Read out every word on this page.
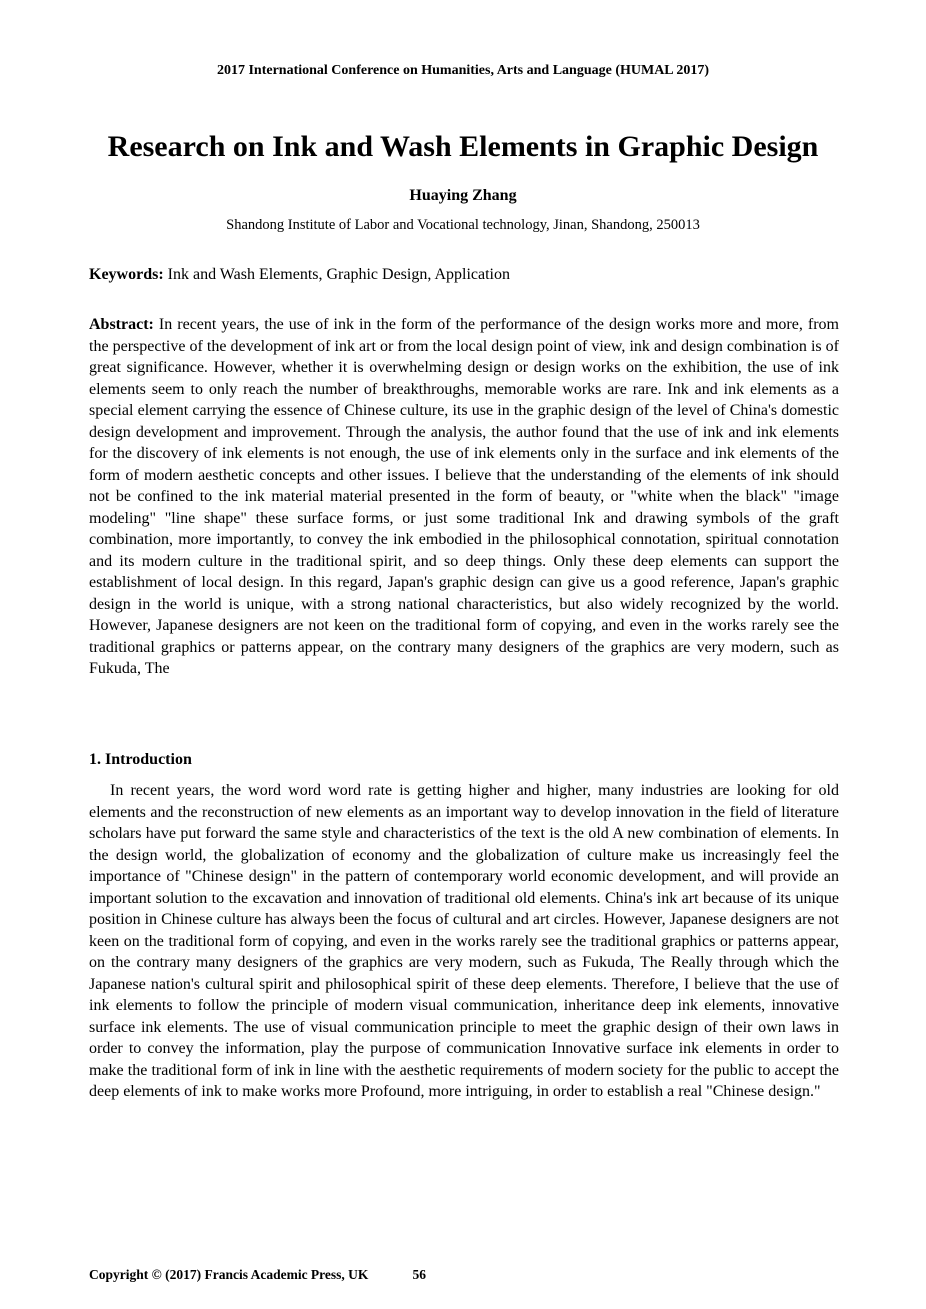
2017 International Conference on Humanities, Arts and Language (HUMAL 2017)
Research on Ink and Wash Elements in Graphic Design
Huaying Zhang
Shandong Institute of Labor and Vocational technology, Jinan, Shandong, 250013
Keywords: Ink and Wash Elements, Graphic Design, Application
Abstract: In recent years, the use of ink in the form of the performance of the design works more and more, from the perspective of the development of ink art or from the local design point of view, ink and design combination is of great significance. However, whether it is overwhelming design or design works on the exhibition, the use of ink elements seem to only reach the number of breakthroughs, memorable works are rare. Ink and ink elements as a special element carrying the essence of Chinese culture, its use in the graphic design of the level of China's domestic design development and improvement. Through the analysis, the author found that the use of ink and ink elements for the discovery of ink elements is not enough, the use of ink elements only in the surface and ink elements of the form of modern aesthetic concepts and other issues. I believe that the understanding of the elements of ink should not be confined to the ink material material presented in the form of beauty, or "white when the black" "image modeling" "line shape" these surface forms, or just some traditional Ink and drawing symbols of the graft combination, more importantly, to convey the ink embodied in the philosophical connotation, spiritual connotation and its modern culture in the traditional spirit, and so deep things. Only these deep elements can support the establishment of local design. In this regard, Japan's graphic design can give us a good reference, Japan's graphic design in the world is unique, with a strong national characteristics, but also widely recognized by the world. However, Japanese designers are not keen on the traditional form of copying, and even in the works rarely see the traditional graphics or patterns appear, on the contrary many designers of the graphics are very modern, such as Fukuda, The
1. Introduction
In recent years, the word word word rate is getting higher and higher, many industries are looking for old elements and the reconstruction of new elements as an important way to develop innovation in the field of literature scholars have put forward the same style and characteristics of the text is the old A new combination of elements. In the design world, the globalization of economy and the globalization of culture make us increasingly feel the importance of "Chinese design" in the pattern of contemporary world economic development, and will provide an important solution to the excavation and innovation of traditional old elements. China's ink art because of its unique position in Chinese culture has always been the focus of cultural and art circles. However, Japanese designers are not keen on the traditional form of copying, and even in the works rarely see the traditional graphics or patterns appear, on the contrary many designers of the graphics are very modern, such as Fukuda, The Really through which the Japanese nation's cultural spirit and philosophical spirit of these deep elements. Therefore, I believe that the use of ink elements to follow the principle of modern visual communication, inheritance deep ink elements, innovative surface ink elements. The use of visual communication principle to meet the graphic design of their own laws in order to convey the information, play the purpose of communication Innovative surface ink elements in order to make the traditional form of ink in line with the aesthetic requirements of modern society for the public to accept the deep elements of ink to make works more Profound, more intriguing, in order to establish a real "Chinese design."
Copyright © (2017) Francis Academic Press, UK	56
